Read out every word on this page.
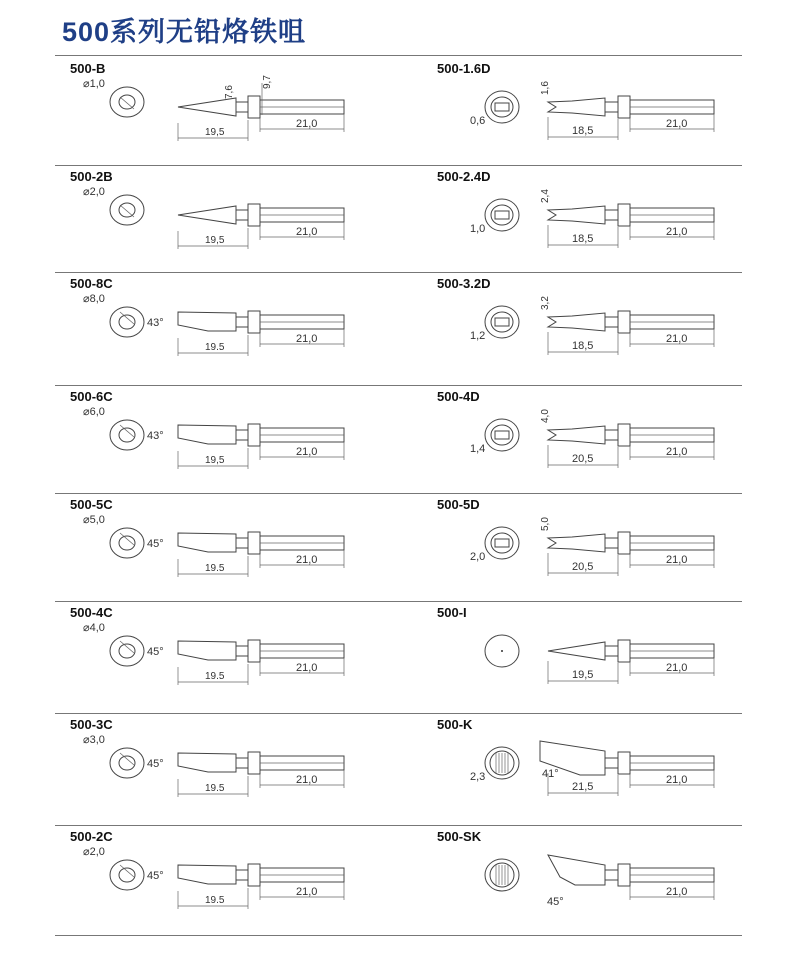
500系列无铅烙铁咀
500-B
⌀1,0
19,5
21,0
7,6
9,7
500-2B
⌀2,0
19,5
21,0
500-8C
⌀8,0
43°
19.5
21,0
500-6C
⌀6,0
43°
19,5
21,0
500-5C
⌀5,0
45°
19.5
21,0
500-4C
⌀4,0
45°
19.5
21,0
500-3C
⌀3,0
45°
19.5
21,0
500-2C
⌀2,0
45°
19.5
21,0
500-1.6D
0,6
1,6
18,5
21,0
500-2.4D
1,0
2,4
18,5
21,0
500-3.2D
1,2
3,2
18,5
21,0
500-4D
1,4
4,0
20,5
21,0
500-5D
2,0
5,0
20,5
21,0
500-I
19,5
21,0
500-K
2,3	41°
21,5
21,0
500-SK
45°
21,0
